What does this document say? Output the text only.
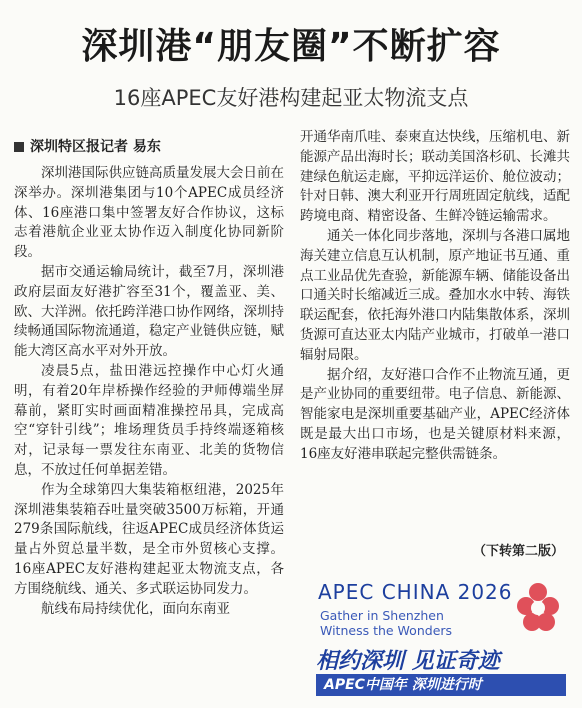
深圳港“朋友圈”不断扩容
16座APEC友好港构建起亚太物流支点
深圳特区报记者 易东

深圳港国际供应链高质量发展大会日前在深举办。深圳港集团与10个APEC成员经济体、16座港口集中签署友好合作协议，这标志着港航企业亚太协作迈入制度化协同新阶段。

据市交通运输局统计，截至7月，深圳港政府层面友好港扩容至31个，覆盖亚、美、欧、大洋洲。依托跨洋港口协作网络，深圳持续畅通国际物流通道，稳定产业链供应链，赋能大湾区高水平对外开放。

凌晨5点，盐田港远控操作中心灯火通明，有着20年岸桥操作经验的尹师傅端坐屏幕前，紧盯实时画面精准操控吊具，完成高空“穿针引线”；堆场理货员手持终端逐箱核对，记录每一票发往东南亚、北美的货物信息，不放过任何单据差错。

作为全球第四大集装箱枢纽港，2025年深圳港集装箱吞吐量突破3500万标箱，开通279条国际航线，往返APEC成员经济体货运量占外贸总量半数，是全市外贸核心支撑。16座APEC友好港构建起亚太物流支点，各方围绕航线、通关、多式联运协同发力。

航线布局持续优化，面向东南亚

开通华南爪哇、泰柬直达快线，压缩机电、新能源产品出海时长；联动美国洛杉矶、长滩共建绿色航运走廊，平抑远洋运价、舱位波动；针对日韩、澳大利亚开行周班固定航线，适配跨境电商、精密设备、生鲜冷链运输需求。

通关一体化同步落地，深圳与各港口属地海关建立信息互认机制，原产地证书互通、重点工业品优先查验，新能源车辆、储能设备出口通关时长缩减近三成。叠加水水中转、海铁联运配套，依托海外港口内陆集散体系，深圳货源可直达亚太内陆产业城市，打破单一港口辐射局限。

据介绍，友好港口合作不止物流互通，更是产业协同的重要纽带。电子信息、新能源、智能家电是深圳重要基础产业，APEC经济体既是最大出口市场，也是关键原材料来源，16座友好港串联起完整供需链条。

（下转第二版）
APEC CHINA 2026
Gather in Shenzhen
Witness the Wonders
相约深圳 见证奇迹
APEC中国年 深圳进行时
